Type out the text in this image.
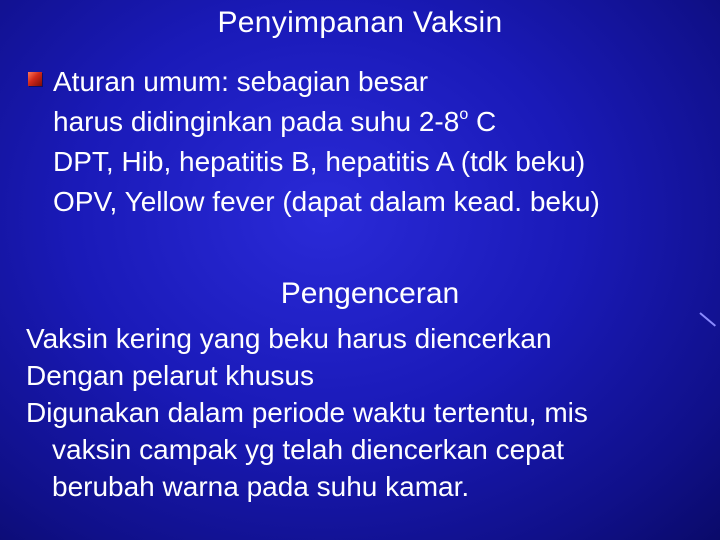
Penyimpanan Vaksin
Aturan umum: sebagian besar
harus didinginkan pada suhu 2-8$^o$ C
DPT, Hib, hepatitis B, hepatitis A (tdk beku)
OPV, Yellow fever (dapat dalam kead. beku)
Pengenceran
Vaksin kering yang beku harus diencerkan
Dengan pelarut khusus
Digunakan dalam periode waktu tertentu, mis
vaksin campak yg telah diencerkan cepat
berubah warna pada suhu kamar.
